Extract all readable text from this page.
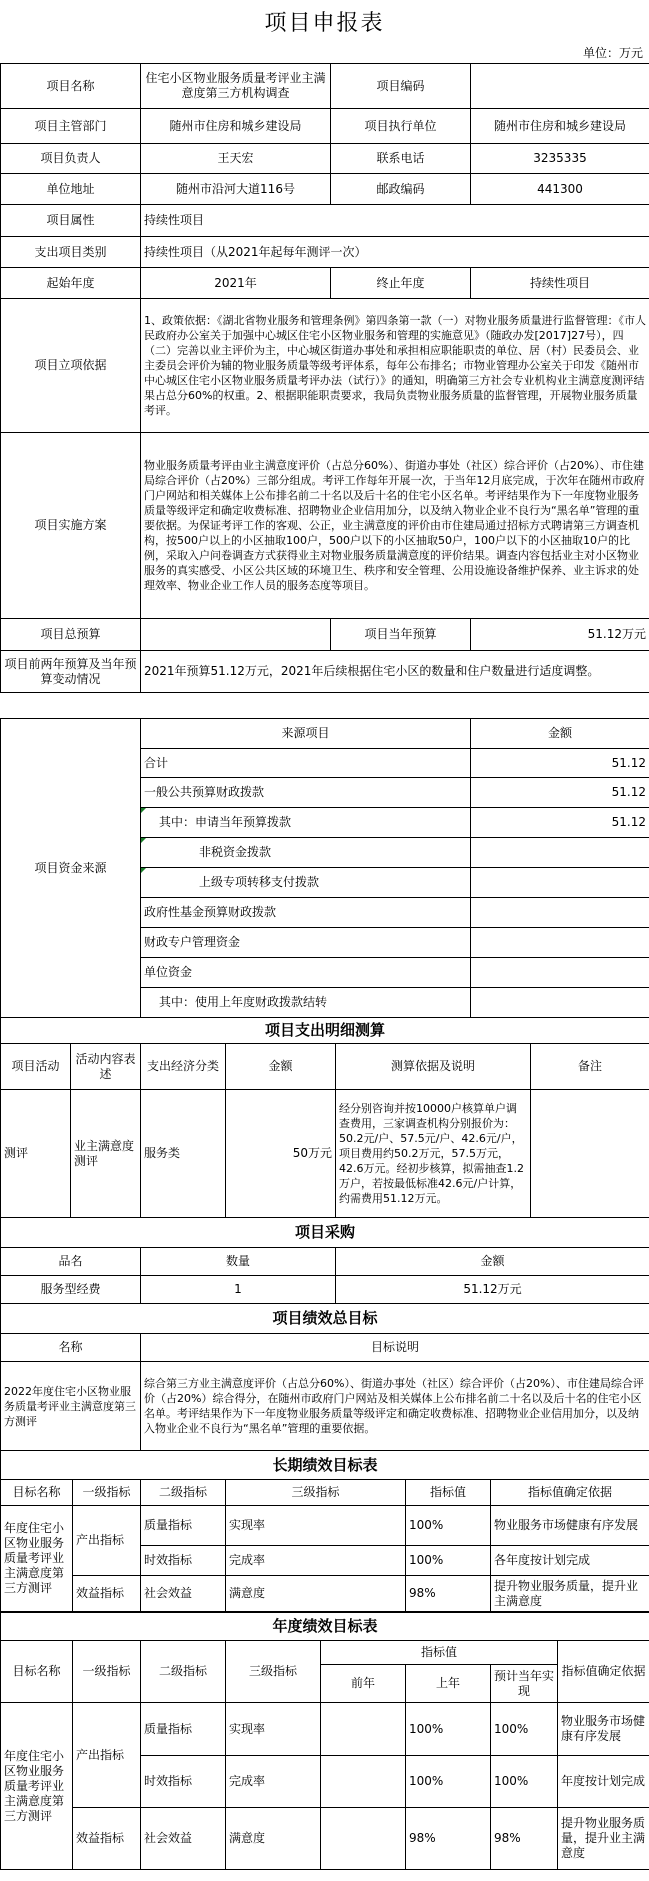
项目申报表
单位：万元
项目名称	住宅小区物业服务质量考评业主满意度第三方机构调查	项目编码	
项目主管部门	随州市住房和城乡建设局	项目执行单位	随州市住房和城乡建设局
项目负责人	王天宏	联系电话	3235335
单位地址	随州市沿河大道116号	邮政编码	441300
项目属性	持续性项目		
支出项目类别	持续性项目（从2021年起每年测评一次）		
起始年度	2021年	终止年度	持续性项目
项目立项依据	1、政策依据：《湖北省物业服务和管理条例》第四条第一款（一）对物业服务质量进行监督管理：《市人民政府办公室关于加强中心城区住宅小区物业服务和管理的实施意见》（随政办发[2017]27号），四（二）完善以业主评价为主，中心城区街道办事处和承担相应职能职责的单位、居（村）民委员会、业主委员会评价为辅的物业服务质量等级考评体系，每年公布排名；市物业管理办公室关于印发《随州市中心城区住宅小区物业服务质量考评办法（试行）》的通知，明确第三方社会专业机构业主满意度测评结果占总分60%的权重。2、根据职能职责要求，我局负责物业服务质量的监督管理，开展物业服务质量考评。		
项目实施方案	物业服务质量考评由业主满意度评价（占总分60%）、街道办事处（社区）综合评价（占20%）、市住建局综合评价（占20%）三部分组成。考评工作每年开展一次，于当年12月底完成，于次年在随州市政府门户网站和相关媒体上公布排名前二十名以及后十名的住宅小区名单。考评结果作为下一年度物业服务质量等级评定和确定收费标准、招聘物业企业信用加分，以及纳入物业企业不良行为“黑名单”管理的重要依据。为保证考评工作的客观、公正，业主满意度的评价由市住建局通过招标方式聘请第三方调查机构，按500户以上的小区抽取100户，500户以下的小区抽取50户，100户以下的小区抽取10户的比例，采取入户问卷调查方式获得业主对物业服务质量满意度的评价结果。调查内容包括业主对小区物业服务的真实感受、小区公共区域的环境卫生、秩序和安全管理、公用设施设备维护保养、业主诉求的处理效率、物业企业工作人员的服务态度等项目。		
项目总预算		项目当年预算	51.12万元
项目前两年预算及当年预算变动情况	2021年预算51.12万元，2021年后续根据住宅小区的数量和住户数量进行适度调整。		
项目资金来源	来源项目	金额
	合计	51.12
	一般公共预算财政拨款	51.12
	其中：申请当年预算拨款	51.12
	非税资金拨款	
	上级专项转移支付拨款	
	政府性基金预算财政拨款	
	财政专户管理资金	
	单位资金	
	其中：使用上年度财政拨款结转	
项目支出明细测算					
项目活动	活动内容表述	支出经济分类	金额	测算依据及说明	备注
测评	业主满意度测评	服务类	50万元	经分别咨询并按10000户核算单户调查费用，三家调查机构分别报价为：50.2元/户、57.5元/户、42.6元/户，项目费用约50.2万元，57.5万元，42.6万元。经初步核算，拟需抽查1.2万户，若按最低标准42.6元/户计算，约需费用51.12万元。	
项目采购		
品名	数量	金额
服务型经费	1	51.12万元
项目绩效总目标	
名称	目标说明
2022年度住宅小区物业服务质量考评业主满意度第三方测评	综合第三方业主满意度评价（占总分60%）、街道办事处（社区）综合评价（占20%）、市住建局综合评价（占20%）综合得分，在随州市政府门户网站及相关媒体上公布排名前二十名以及后十名的住宅小区名单。考评结果作为下一年度物业服务质量等级评定和确定收费标准、招聘物业企业信用加分，以及纳入物业企业不良行为“黑名单”管理的重要依据。
长期绩效目标表					
目标名称	一级指标	二级指标	三级指标	指标值	指标值确定依据
年度住宅小区物业服务质量考评业主满意度第三方测评	产出指标	质量指标	实现率	100%	物业服务市场健康有序发展
		时效指标	完成率	100%	各年度按计划完成
	效益指标	社会效益	满意度	98%	提升物业服务质量，提升业主满意度
年度绩效目标表							
目标名称	一级指标	二级指标	三级指标	指标值			指标值确定依据
				前年	上年	预计当年实现	
年度住宅小区物业服务质量考评业主满意度第三方测评	产出指标	质量指标	实现率		100%	100%	物业服务市场健康有序发展
		时效指标	完成率		100%	100%	年度按计划完成
	效益指标	社会效益	满意度		98%	98%	提升物业服务质量，提升业主满意度
